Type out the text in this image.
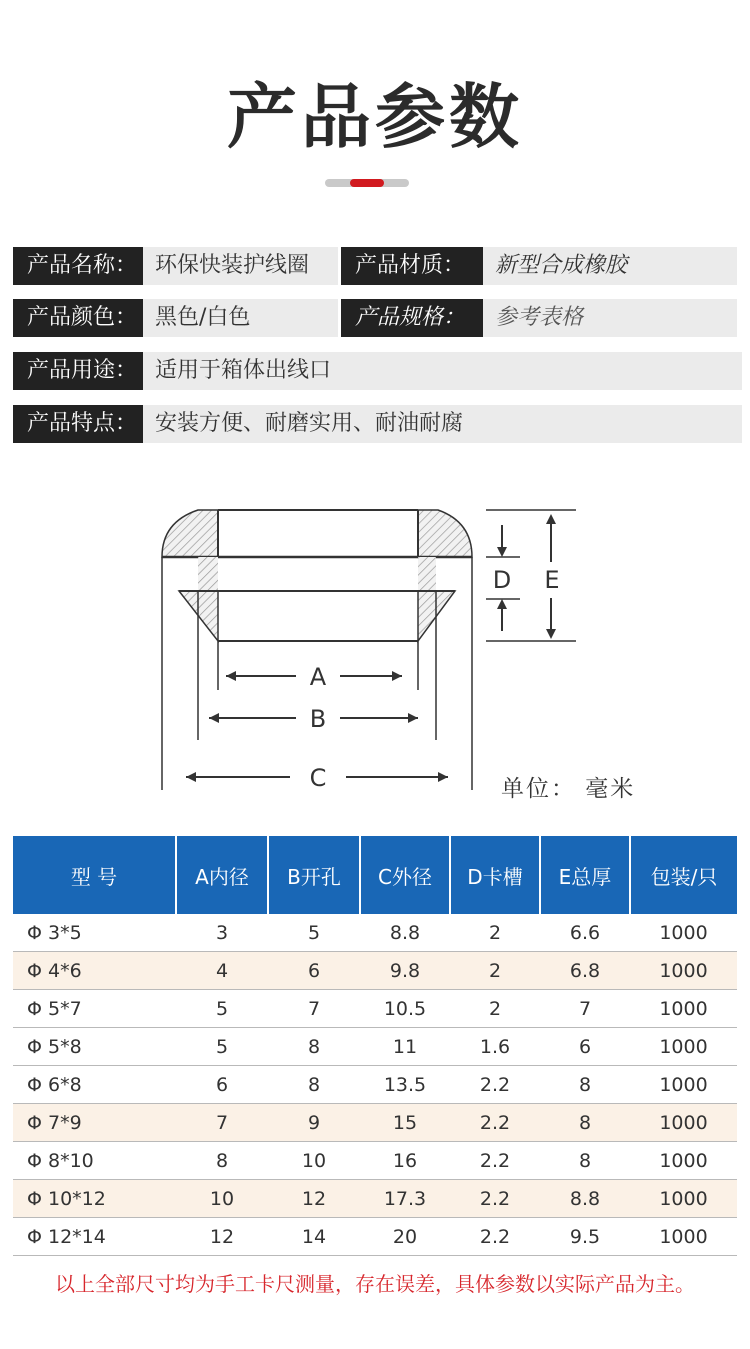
产品参数
产品名称： 环保快装护线圈	产品材质：	新型合成橡胶
产品颜色： 黑色/白色	产品规格：	参考表格
产品用途： 适用于箱体出线口
产品特点： 安装方便、耐磨实用、耐油耐腐
A
B
C
D E
单位： 毫米
型 号	A内径	B开孔	C外径	D卡槽	E总厚	包装/只
Φ 3*5	3	5	8.8	2	6.6	1000
Φ 4*6	4	6	9.8	2	6.8	1000
Φ 5*7	5	7	10.5	2	7	1000
Φ 5*8	5	8	11	1.6	6	1000
Φ 6*8	6	8	13.5	2.2	8	1000
Φ 7*9	7	9	15	2.2	8	1000
Φ 8*10	8	10	16	2.2	8	1000
Φ 10*12	10	12	17.3	2.2	8.8	1000
Φ 12*14	12	14	20	2.2	9.5	1000
以上全部尺寸均为手工卡尺测量，存在误差，具体参数以实际产品为主。
